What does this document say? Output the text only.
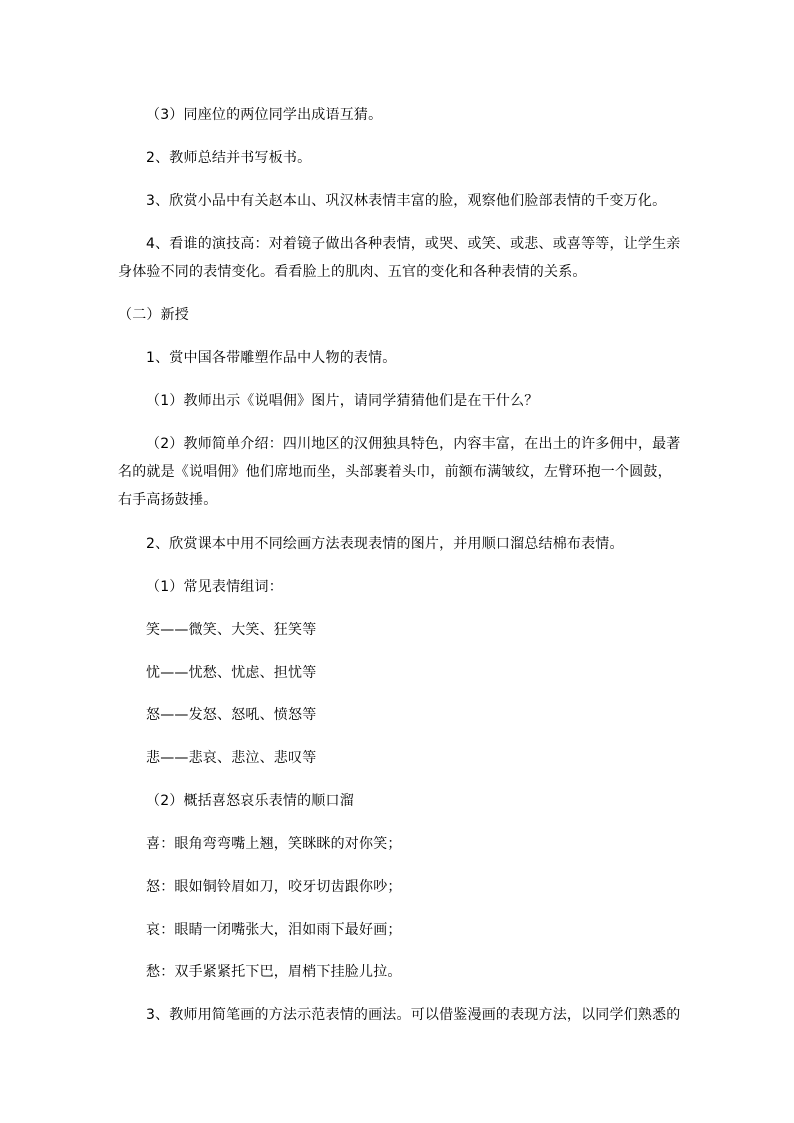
（3）同座位的两位同学出成语互猜。
2、教师总结并书写板书。
3、欣赏小品中有关赵本山、巩汉林表情丰富的脸，观察他们脸部表情的千变万化。
4、看谁的演技高：对着镜子做出各种表情，或哭、或笑、或悲、或喜等等，让学生亲
身体验不同的表情变化。看看脸上的肌肉、五官的变化和各种表情的关系。
（二）新授
1、赏中国各带雕塑作品中人物的表情。
（1）教师出示《说唱佣》图片，请同学猜猜他们是在干什么？
（2）教师简单介绍：四川地区的汉佣独具特色，内容丰富，在出土的许多佣中，最著
名的就是《说唱佣》他们席地而坐，头部裹着头巾，前额布满皱纹，左臂环抱一个圆鼓，
右手高扬鼓捶。
2、欣赏课本中用不同绘画方法表现表情的图片，并用顺口溜总结棉布表情。
（1）常见表情组词：
笑——微笑、大笑、狂笑等
忧——忧愁、忧虑、担忧等
怒——发怒、怒吼、愤怒等
悲——悲哀、悲泣、悲叹等
（2）概括喜怒哀乐表情的顺口溜
喜：眼角弯弯嘴上翘，笑眯眯的对你笑；
怒：眼如铜铃眉如刀，咬牙切齿跟你吵；
哀：眼睛一闭嘴张大，泪如雨下最好画；
愁：双手紧紧托下巴，眉梢下挂脸儿拉。
3、教师用简笔画的方法示范表情的画法。可以借鉴漫画的表现方法，以同学们熟悉的
